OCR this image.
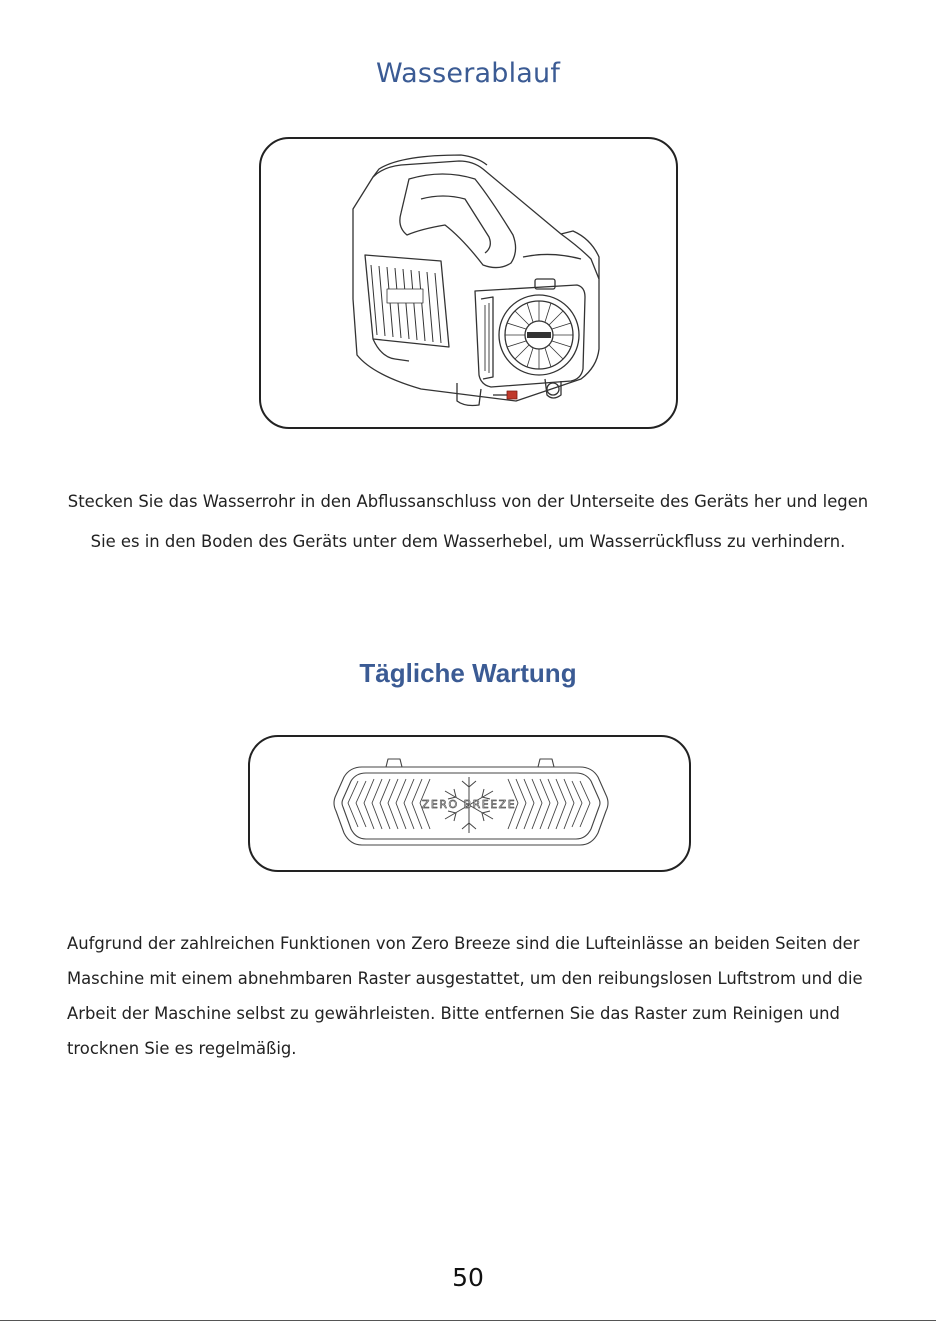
Wasserablauf
Stecken Sie das Wasserrohr in den Abflussanschluss von der Unterseite des Geräts her und legen Sie es in den Boden des Geräts unter dem Wasserhebel, um Wasserrückfluss zu verhindern.
Tägliche Wartung
ZERO BREEZE
Aufgrund der zahlreichen Funktionen von Zero Breeze sind die Lufteinlässe an beiden Seiten der Maschine mit einem abnehmbaren Raster ausgestattet, um den reibungslosen Luftstrom und die Arbeit der Maschine selbst zu gewährleisten. Bitte entfernen Sie das Raster zum Reinigen und trocknen Sie es regelmäßig.
50
